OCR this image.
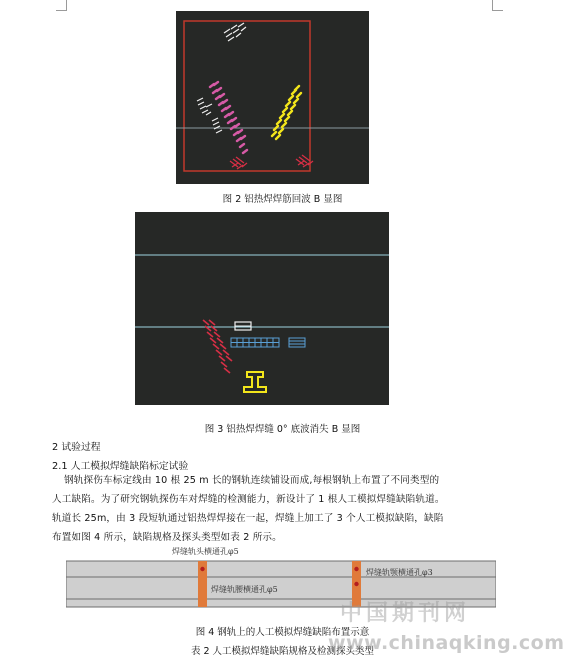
图 2 铝热焊焊筋回波 B 显图
图 3 铝热焊焊缝 0° 底波消失 B 显图
2 试验过程
2.1 人工模拟焊缝缺陷标定试验
钢轨探伤车标定线由 10 根 25 m 长的钢轨连续铺设而成,每根钢轨上布置了不同类型的
人工缺陷。为了研究钢轨探伤车对焊缝的检测能力，新设计了 1 根人工模拟焊缝缺陷轨道。
轨道长 25m，由 3 段短轨通过铝热焊焊接在一起，焊缝上加工了 3 个人工模拟缺陷，缺陷
布置如图 4 所示，缺陷规格及探头类型如表 2 所示。
焊缝轨头横通孔φ5
焊缝轨腰横通孔φ5
焊缝轨颚横通孔φ3
图 4 钢轨上的人工模拟焊缝缺陷布置示意
表 2 人工模拟焊缝缺陷规格及检测探头类型
中国期刊网
www.chinaqking.com
